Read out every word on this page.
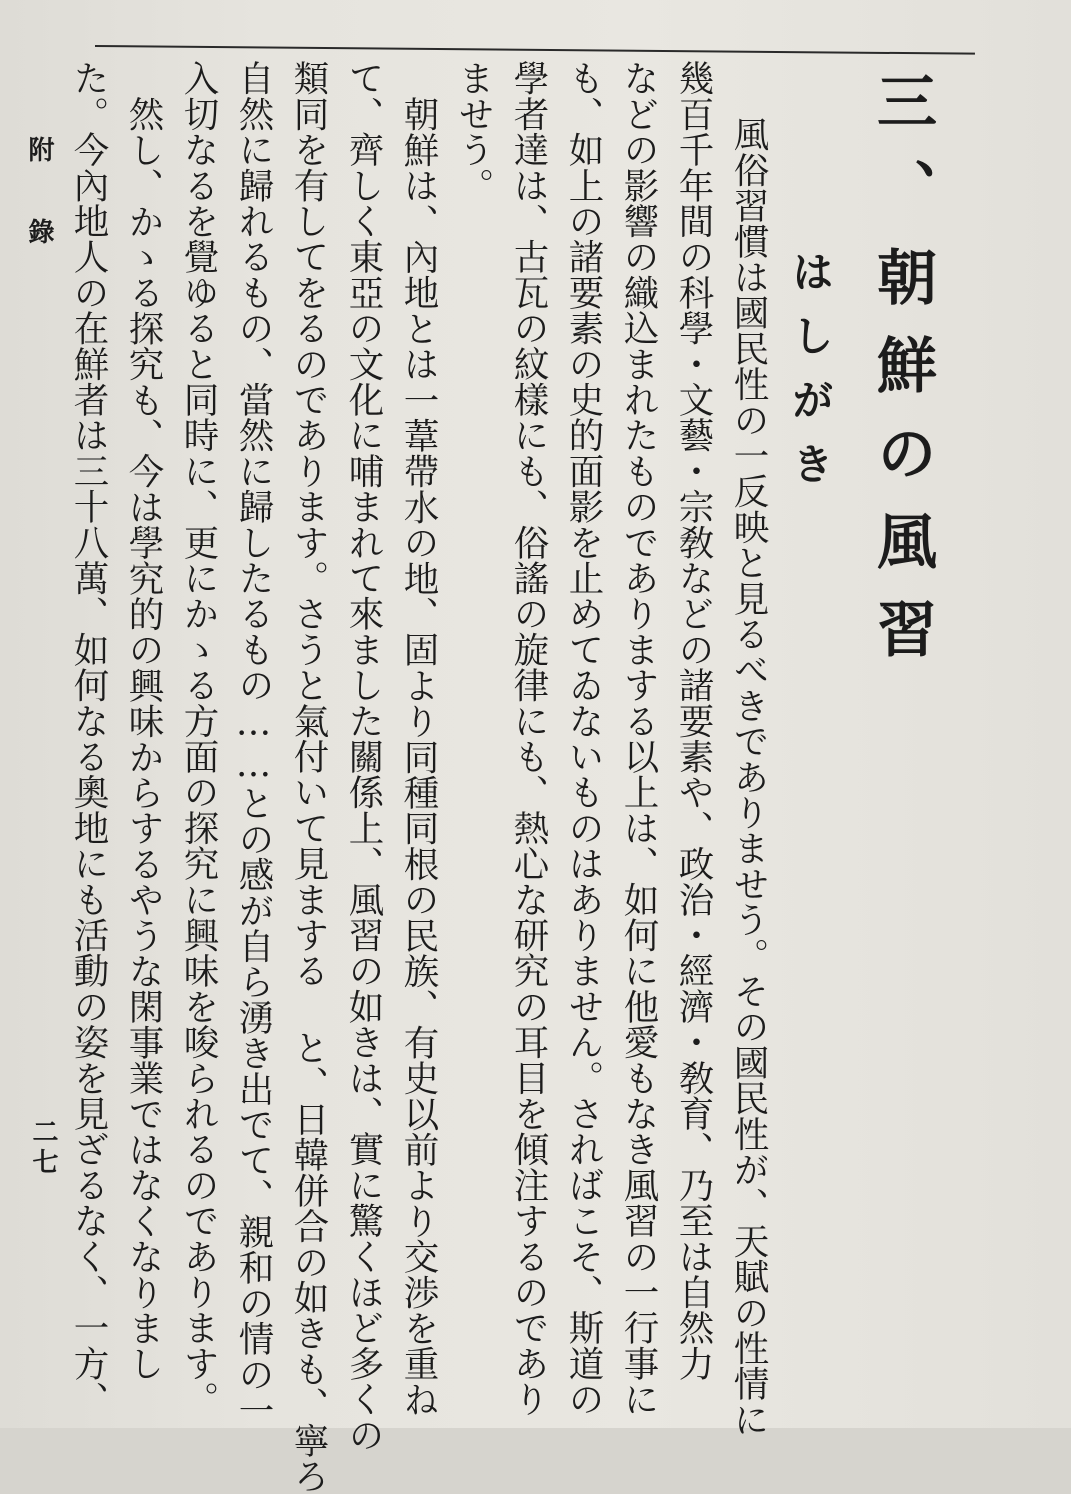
三、朝鮮の風習
はしがき
風俗習慣は國民性の一反映と見るべきでありませう。その國民性が、天賦の性情に
幾百千年間の科學・文藝・宗敎などの諸要素や、政治・經濟・敎育、乃至は自然力
などの影響の織込まれたものでありまする以上は、如何に他愛もなき風習の一行事に
も、如上の諸要素の史的面影を止めてゐないものはありません。さればこそ、斯道の
學者達は、古瓦の紋樣にも、俗謠の旋律にも、熱心な研究の耳目を傾注するのであり
ませう。
朝鮮は、內地とは一葦帶水の地、固より同種同根の民族、有史以前より交渉を重ね
て、齊しく東亞の文化に哺まれて來ました關係上、風習の如きは、實に驚くほど多くの
類同を有してをるのであります。さうと氣付いて見まする と、日韓併合の如きも、寧ろ
自然に歸れるもの、當然に歸したるもの……との感が自ら湧き出でて、親和の情の一
入切なるを覺ゆると同時に、更にかゝる方面の探究に興味を唆られるのであります。
然し、かゝる探究も、今は學究的の興味からするやうな閑事業ではなくなりまし
た。今內地人の在鮮者は三十八萬、如何なる奧地にも活動の姿を見ざるなく、一方、
附錄
二七
